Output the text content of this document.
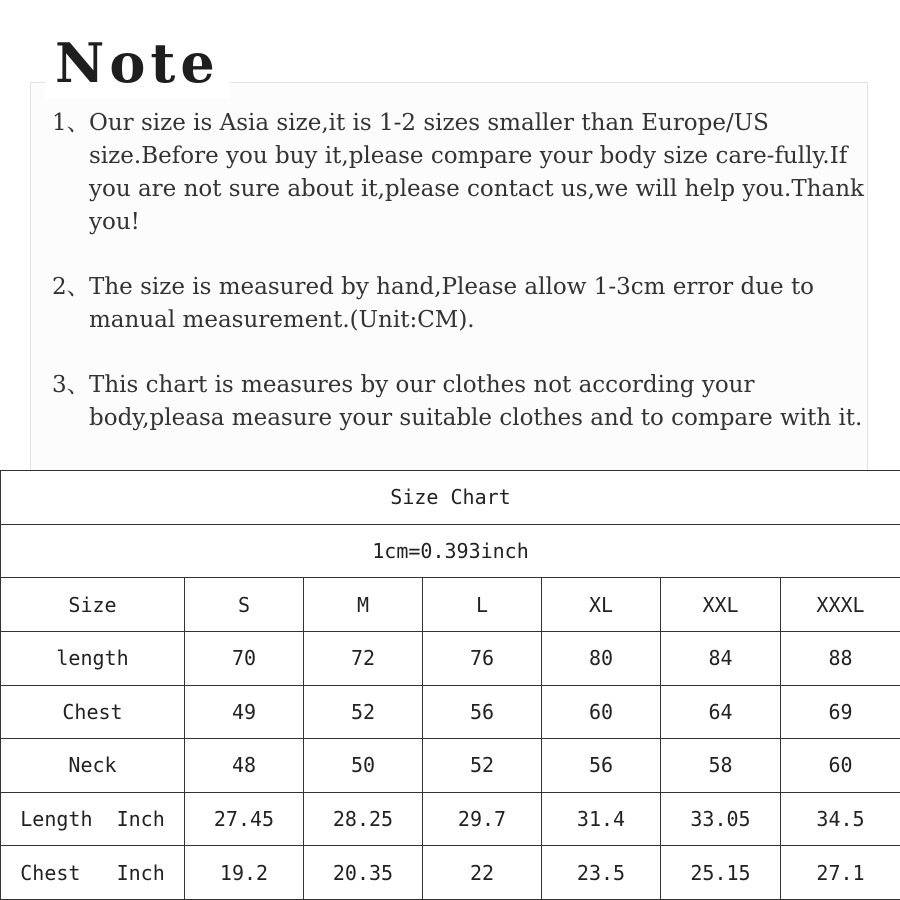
Note
1、 Our size is Asia size,it is 1-2 sizes smaller than Europe/US size.Before you buy it,please compare your body size care-fully.If you are not sure about it,please contact us,we will help you.Thank you!
2、 The size is measured by hand,Please allow 1-3cm error due to manual measurement.(Unit:CM).
3、 This chart is measures by our clothes not according your body,pleasa measure your suitable clothes and to compare with it.
Size Chart						
1cm=0.393inch						
Size	S	M	L	XL	XXL	XXXL
length	70	72	76	80	84	88
Chest	49	52	56	60	64	69
Neck	48	50	52	56	58	60
Length  Inch	27.45	28.25	29.7	31.4	33.05	34.5
Chest   Inch	19.2	20.35	22	23.5	25.15	27.1
